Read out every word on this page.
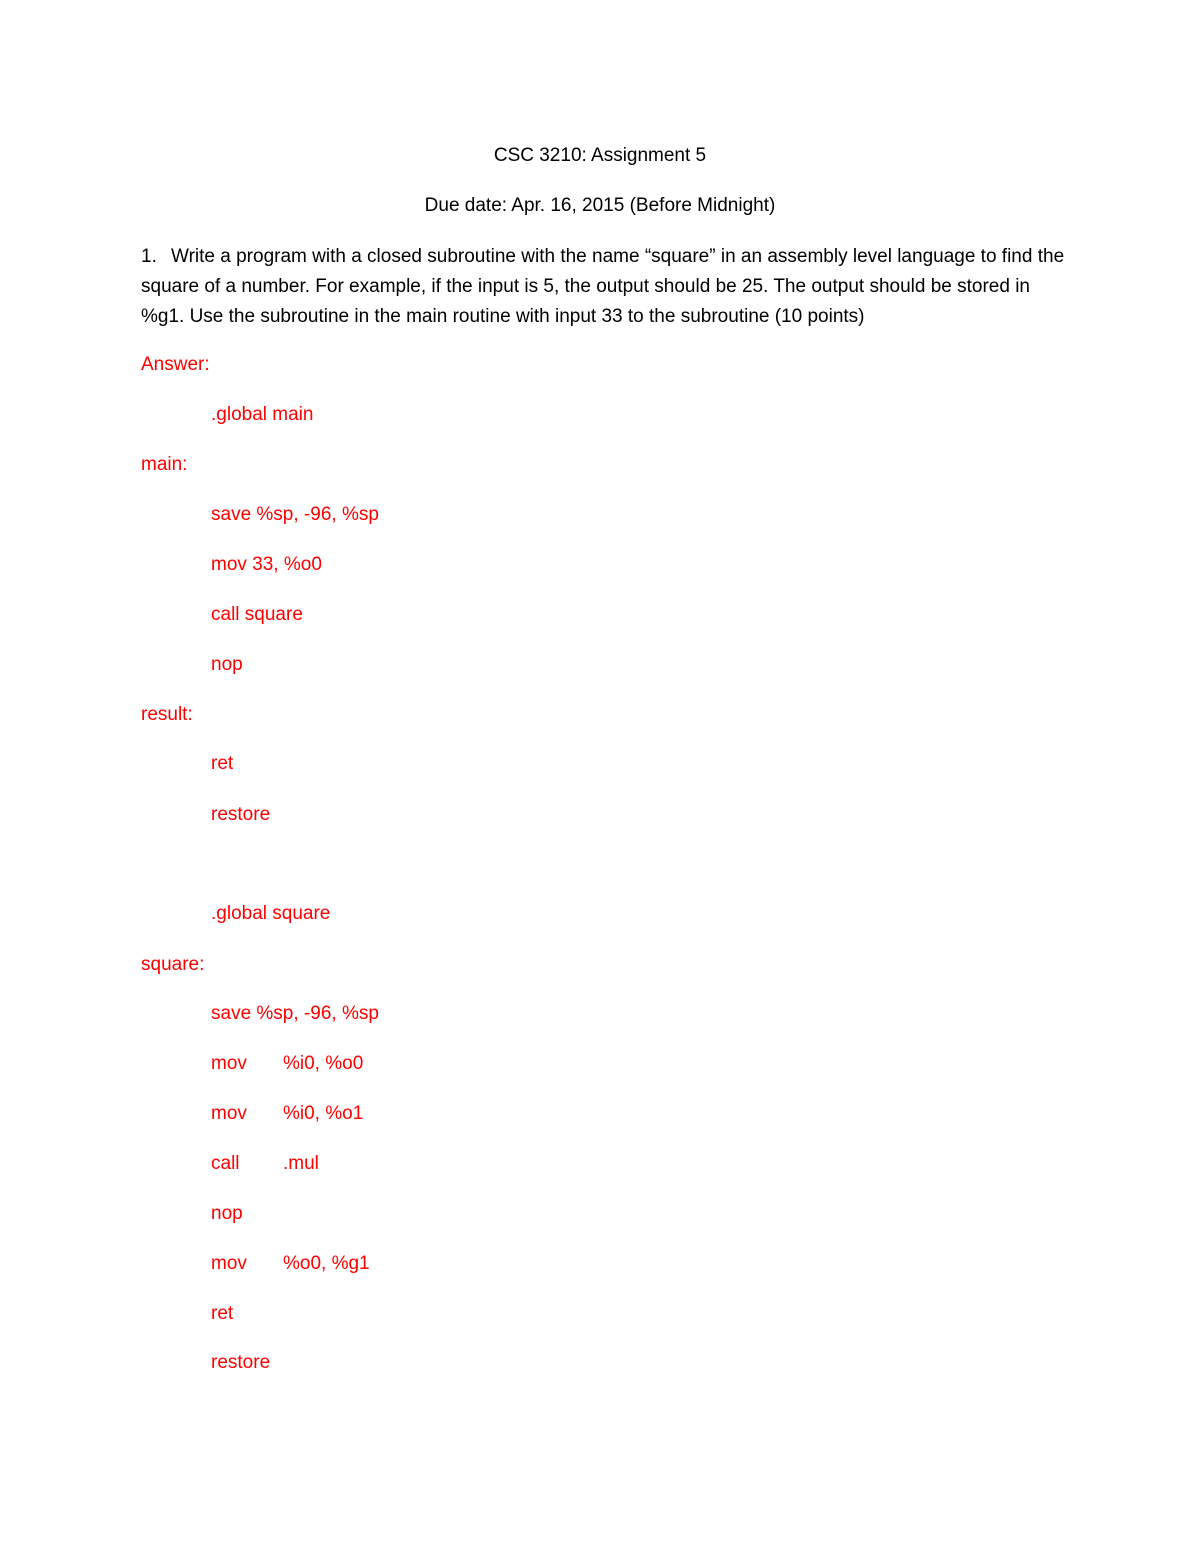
CSC 3210: Assignment 5
Due date: Apr. 16, 2015 (Before Midnight)
1. Write a program with a closed subroutine with the name “square” in an assembly level language to find the square of a number. For example, if the input is 5, the output should be 25. The output should be stored in %g1. Use the subroutine in the main routine with input 33 to the subroutine (10 points)
Answer:
.global main
main:
save %sp, -96, %sp
mov 33, %o0
call square
nop
result:
ret
restore
.global square
square:
save %sp, -96, %sp
mov %i0, %o0
mov %i0, %o1
call .mul
nop
mov %o0, %g1
ret
restore
